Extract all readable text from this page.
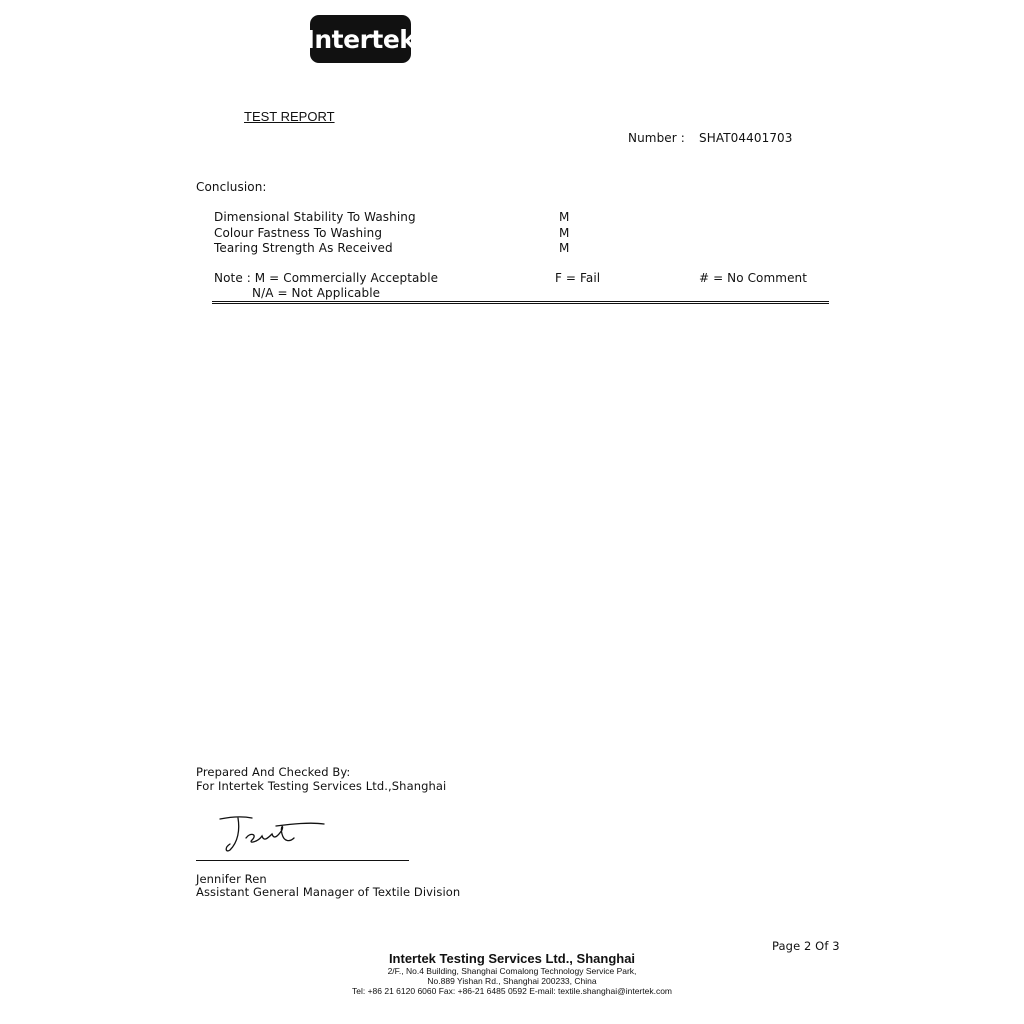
Intertek
TEST REPORT
Number : SHAT04401703
Conclusion:
Dimensional Stability To Washing	M
Colour Fastness To Washing	M
Tearing Strength As Received	M
Note : M = Commercially Acceptable	F = Fail	# = No Comment
N/A = Not Applicable
Prepared And Checked By:
For Intertek Testing Services Ltd.,Shanghai
Jennifer Ren
Assistant General Manager of Textile Division
Page 2 Of 3
Intertek Testing Services Ltd., Shanghai
2/F., No.4 Building, Shanghai Comalong Technology Service Park,
No.889 Yishan Rd., Shanghai 200233, China
Tel: +86 21 6120 6060 Fax: +86-21 6485 0592 E-mail: textile.shanghai@intertek.com
